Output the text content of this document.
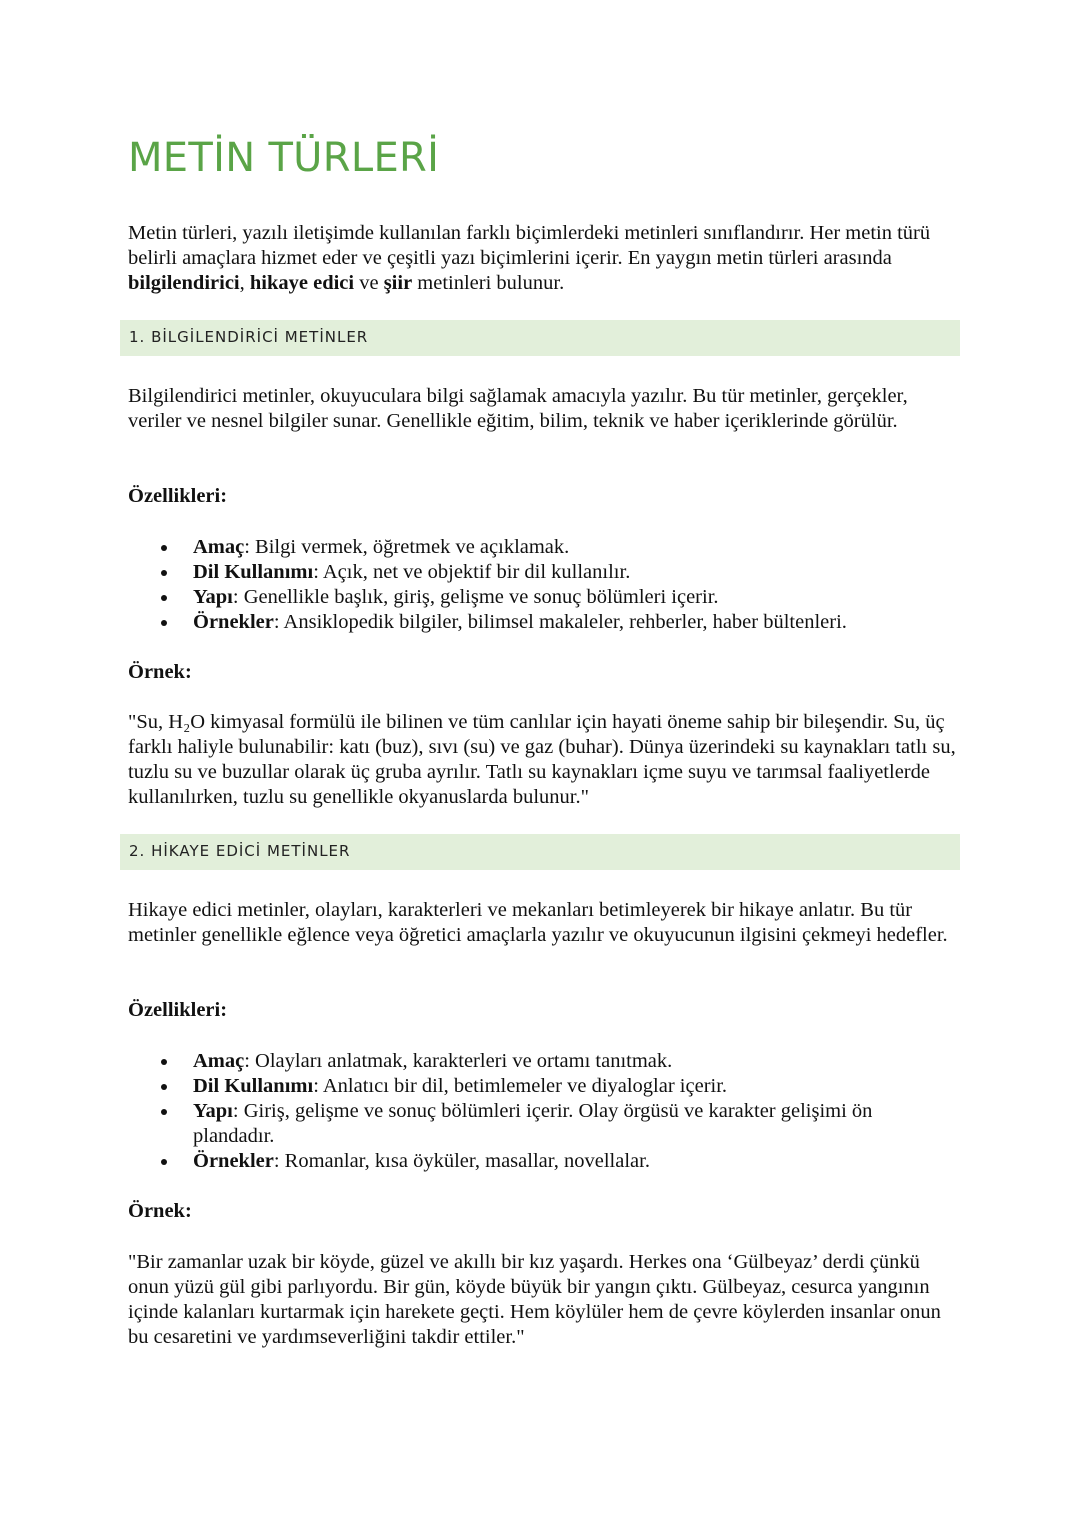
METİN TÜRLERİ

Metin türleri, yazılı iletişimde kullanılan farklı biçimlerdeki metinleri sınıflandırır. Her metin türü belirli amaçlara hizmet eder ve çeşitli yazı biçimlerini içerir. En yaygın metin türleri arasında bilgilendirici, hikaye edici ve şiir metinleri bulunur.

1. BİLGİLENDİRİCİ METİNLER

Bilgilendirici metinler, okuyuculara bilgi sağlamak amacıyla yazılır. Bu tür metinler, gerçekler, veriler ve nesnel bilgiler sunar. Genellikle eğitim, bilim, teknik ve haber içeriklerinde görülür.

Özellikleri:

Amaç: Bilgi vermek, öğretmek ve açıklamak.
Dil Kullanımı: Açık, net ve objektif bir dil kullanılır.
Yapı: Genellikle başlık, giriş, gelişme ve sonuç bölümleri içerir.
Örnekler: Ansiklopedik bilgiler, bilimsel makaleler, rehberler, haber bültenleri.

Örnek:

"Su, H₂O kimyasal formülü ile bilinen ve tüm canlılar için hayati öneme sahip bir bileşendir. Su, üç farklı haliyle bulunabilir: katı (buz), sıvı (su) ve gaz (buhar). Dünya üzerindeki su kaynakları tatlı su, tuzlu su ve buzullar olarak üç gruba ayrılır. Tatlı su kaynakları içme suyu ve tarımsal faaliyetlerde kullanılırken, tuzlu su genellikle okyanuslarda bulunur."

2. HİKAYE EDİCİ METİNLER

Hikaye edici metinler, olayları, karakterleri ve mekanları betimleyerek bir hikaye anlatır. Bu tür metinler genellikle eğlence veya öğretici amaçlarla yazılır ve okuyucunun ilgisini çekmeyi hedefler.

Özellikleri:

Amaç: Olayları anlatmak, karakterleri ve ortamı tanıtmak.
Dil Kullanımı: Anlatıcı bir dil, betimlemeler ve diyaloglar içerir.
Yapı: Giriş, gelişme ve sonuç bölümleri içerir. Olay örgüsü ve karakter gelişimi ön plandadır.
Örnekler: Romanlar, kısa öyküler, masallar, novellalar.

Örnek:

"Bir zamanlar uzak bir köyde, güzel ve akıllı bir kız yaşardı. Herkes ona ‘Gülbeyaz’ derdi çünkü onun yüzü gül gibi parlıyordu. Bir gün, köyde büyük bir yangın çıktı. Gülbeyaz, cesurca yangının içinde kalanları kurtarmak için harekete geçti. Hem köylüler hem de çevre köylerden insanlar onun bu cesaretini ve yardımseverliğini takdir ettiler."
